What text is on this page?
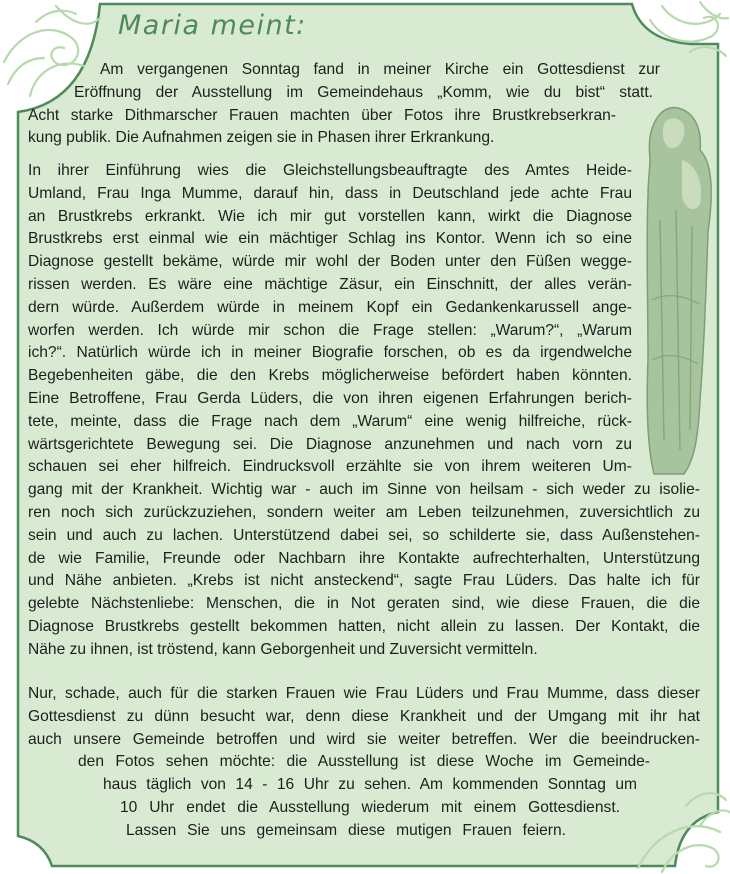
Maria meint:

Am vergangenen Sonntag fand in meiner Kirche ein Gottesdienst zur

Eröffnung der Ausstellung im Gemeindehaus „Komm, wie du bist“ statt.

Acht starke Dithmarscher Frauen machten über Fotos ihre Brustkrebserkran-
kung publik. Die Aufnahmen zeigen sie in Phasen ihrer Erkrankung.

In ihrer Einführung wies die Gleichstellungsbeauftragte des Amtes Heide-
Umland, Frau Inga Mumme, darauf hin, dass in Deutschland jede achte Frau
an Brustkrebs erkrankt. Wie ich mir gut vorstellen kann, wirkt die Diagnose
Brustkrebs erst einmal wie ein mächtiger Schlag ins Kontor. Wenn ich so eine
Diagnose gestellt bekäme, würde mir wohl der Boden unter den Füßen wegge-
rissen werden. Es wäre eine mächtige Zäsur, ein Einschnitt, der alles verän-
dern würde. Außerdem würde in meinem Kopf ein Gedankenkarussell ange-
worfen werden. Ich würde mir schon die Frage stellen: „Warum?“, „Warum
ich?“. Natürlich würde ich in meiner Biografie forschen, ob es da irgendwelche
Begebenheiten gäbe, die den Krebs möglicherweise befördert haben könnten.
Eine Betroffene, Frau Gerda Lüders, die von ihren eigenen Erfahrungen berich-
tete, meinte, dass die Frage nach dem „Warum“ eine wenig hilfreiche, rück-
wärtsgerichtete Bewegung sei. Die Diagnose anzunehmen und nach vorn zu
schauen sei eher hilfreich. Eindrucksvoll erzählte sie von ihrem weiteren Um-

gang mit der Krankheit. Wichtig war - auch im Sinne von heilsam - sich weder zu isolie-
ren noch sich zurückzuziehen, sondern weiter am Leben teilzunehmen, zuversichtlich zu
sein und auch zu lachen. Unterstützend dabei sei, so schilderte sie, dass Außenstehen-
de wie Familie, Freunde oder Nachbarn ihre Kontakte aufrechterhalten, Unterstützung
und Nähe anbieten. „Krebs ist nicht ansteckend“, sagte Frau Lüders. Das halte ich für
gelebte Nächstenliebe: Menschen, die in Not geraten sind, wie diese Frauen, die die
Diagnose Brustkrebs gestellt bekommen hatten, nicht allein zu lassen. Der Kontakt, die
Nähe zu ihnen, ist tröstend, kann Geborgenheit und Zuversicht vermitteln.

Nur, schade, auch für die starken Frauen wie Frau Lüders und Frau Mumme, dass dieser
Gottesdienst zu dünn besucht war, denn diese Krankheit und der Umgang mit ihr hat
auch unsere Gemeinde betroffen und wird sie weiter betreffen. Wer die beeindrucken-

den Fotos sehen möchte: die Ausstellung ist diese Woche im Gemeinde-

haus täglich von 14 - 16 Uhr zu sehen. Am kommenden Sonntag um

10 Uhr endet die Ausstellung wiederum mit einem Gottesdienst.

Lassen Sie uns gemeinsam diese mutigen Frauen feiern.
